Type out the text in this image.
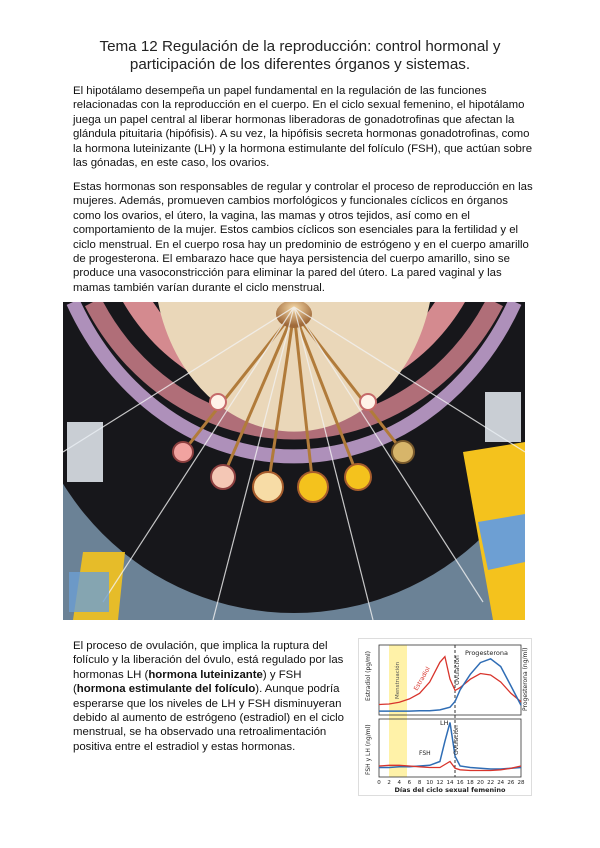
Tema 12 Regulación de la reproducción: control hormonal y
participación de los diferentes órganos y sistemas.

El hipotálamo desempeña un papel fundamental en la regulación de las funciones relacionadas con la reproducción en el cuerpo. En el ciclo sexual femenino, el hipotálamo juega un papel central al liberar hormonas liberadoras de gonadotrofinas que afectan la glándula pituitaria (hipófisis). A su vez, la hipófisis secreta hormonas gonadotrofinas, como la hormona luteinizante (LH) y la hormona estimulante del folículo (FSH), que actúan sobre las gónadas, en este caso, los ovarios.

Estas hormonas son responsables de regular y controlar el proceso de reproducción en las mujeres. Además, promueven cambios morfológicos y funcionales cíclicos en órganos como los ovarios, el útero, la vagina, las mamas y otros tejidos, así como en el comportamiento de la mujer. Estos cambios cíclicos son esenciales para la fertilidad y el ciclo menstrual. En el cuerpo rosa hay un predominio de estrógeno y en el cuerpo amarillo de progesterona. El embarazo hace que haya persistencia del cuerpo amarillo, sino se produce una vasoconstricción para eliminar la pared del útero. La pared vaginal y las mamas también varían durante el ciclo menstrual.

El proceso de ovulación, que implica la ruptura del folículo y la liberación del óvulo, está regulado por las hormonas LH (hormona luteinizante) y FSH (hormona estimulante del folículo). Aunque podría esperarse que los niveles de LH y FSH disminuyeran debido al aumento de estrógeno (estradiol) en el ciclo menstrual, se ha observado una retroalimentación positiva entre el estradiol y estas hormonas.

Estradiol (pg/ml)	Progesterona (ng/ml)
FSH y LH (ng/ml)
Menstruación Estradiol	Ovulación
Progesterona
LH
FSH	Ovulación
0 2 4 6 8 10 12 14 16 18 20 22 24 26 28
Días del ciclo sexual femenino
